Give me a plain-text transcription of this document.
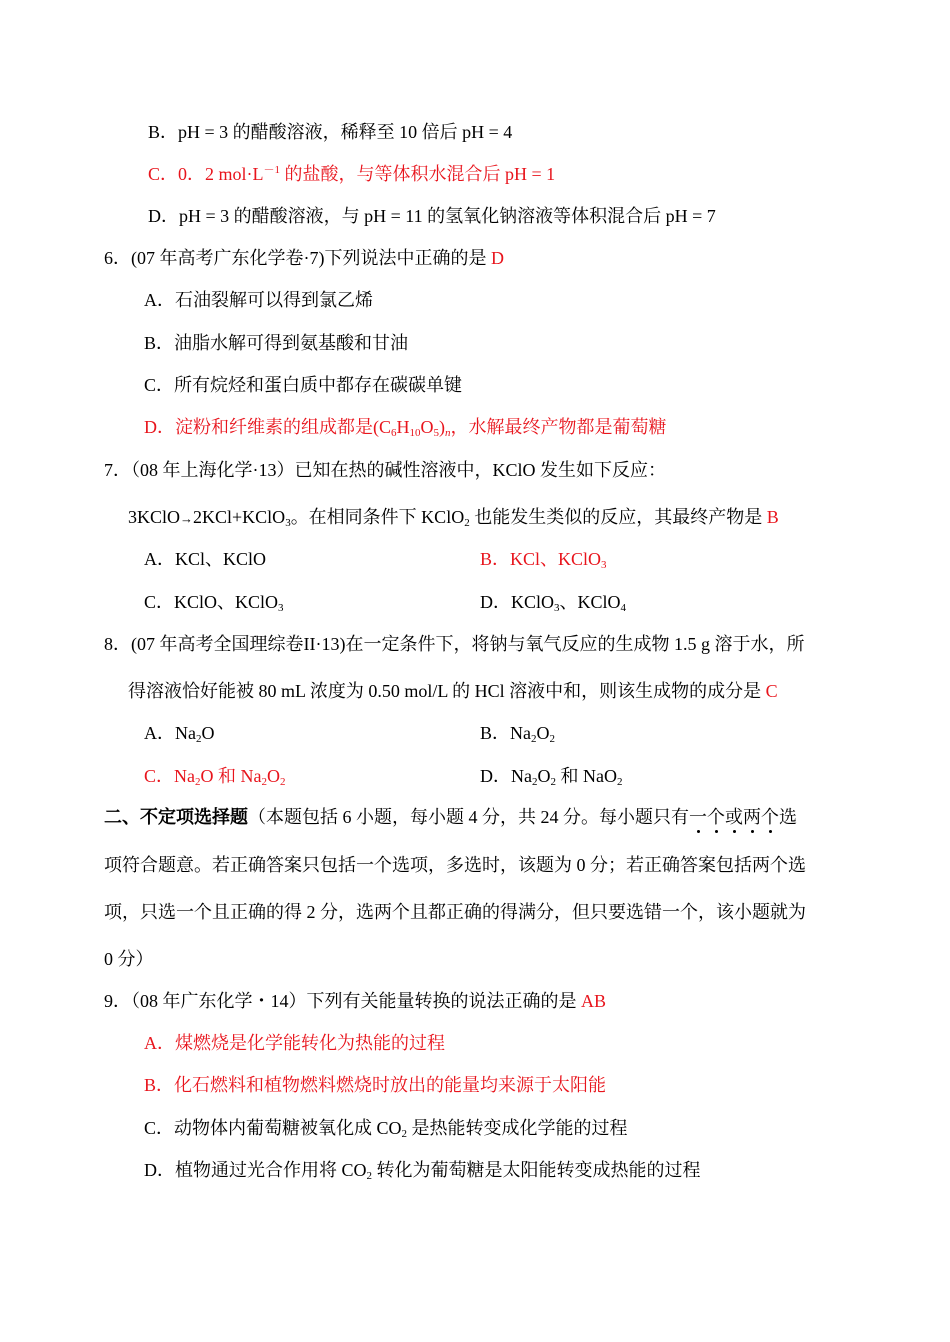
B．pH = 3 的醋酸溶液，稀释至 10 倍后 pH = 4
C．0．2 $mol\cdot L^{-1}$ 的盐酸，与等体积水混合后 pH = 1
D．pH = 3 的醋酸溶液，与 pH = 11 的氢氧化钠溶液等体积混合后 pH = 7
6．(07 年高考广东化学卷·7)下列说法中正确的是 D
A．石油裂解可以得到氯乙烯
B．油脂水解可得到氨基酸和甘油
C．所有烷烃和蛋白质中都存在碳碳单键
D．淀粉和纤维素的组成都是$(C_6H_{10}O_5)_n$，水解最终产物都是葡萄糖
7．（08 年上海化学·13）已知在热的碱性溶液中，KClO 发生如下反应：
3KClO→2KCl+KClO$_3$。在相同条件下 KClO$_2$ 也能发生类似的反应，其最终产物是 B
A．KCl、KClO	B．KCl、KClO$_3$
C．KClO、KClO$_3$	D．KClO$_3$、KClO$_4$
8．(07 年高考全国理综卷II·13)在一定条件下，将钠与氧气反应的生成物 1.5 g 溶于水，所
得溶液恰好能被 80 mL 浓度为 0.50 mol/L 的 HCl 溶液中和，则该生成物的成分是 C
A．$Na_2O$	B．$Na_2O_2$
C．$Na_2O$ 和 $Na_2O_2$	D．$Na_2O_2$ 和 NaO$_2$
二、不定项选择题（本题包括 6 小题，每小题 4 分，共 24 分。每小题只有一个或两个选
项符合题意。若正确答案只包括一个选项，多选时，该题为 0 分；若正确答案包括两个选
项，只选一个且正确的得 2 分，选两个且都正确的得满分，但只要选错一个，该小题就为
0 分）
9．（08 年广东化学・14）下列有关能量转换的说法正确的是 AB
A．煤燃烧是化学能转化为热能的过程
B．化石燃料和植物燃料燃烧时放出的能量均来源于太阳能
C．动物体内葡萄糖被氧化成 $CO_2$ 是热能转变成化学能的过程
D．植物通过光合作用将 $CO_2$ 转化为葡萄糖是太阳能转变成热能的过程
